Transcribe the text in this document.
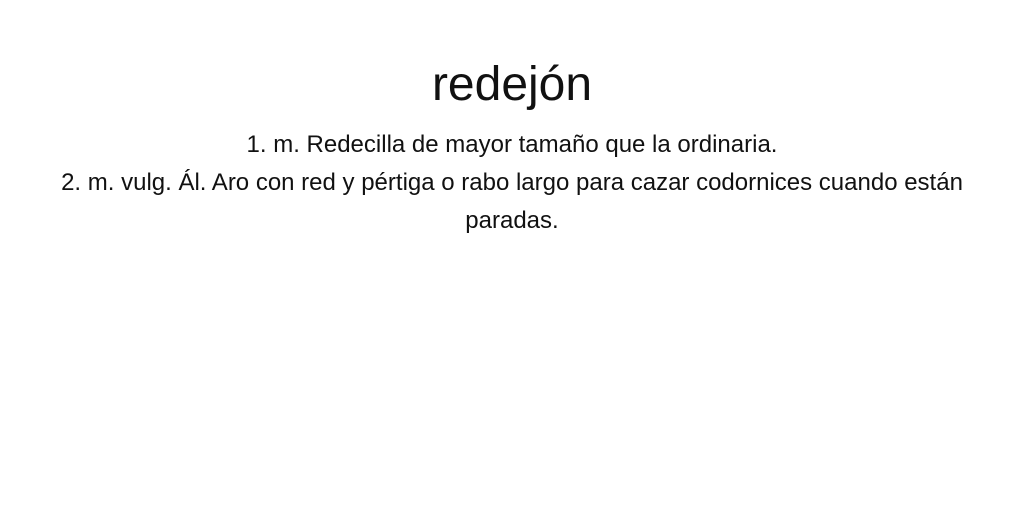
redejón
1. m. Redecilla de mayor tamaño que la ordinaria.
2. m. vulg. Ál. Aro con red y pértiga o rabo largo para cazar codornices cuando están paradas.
